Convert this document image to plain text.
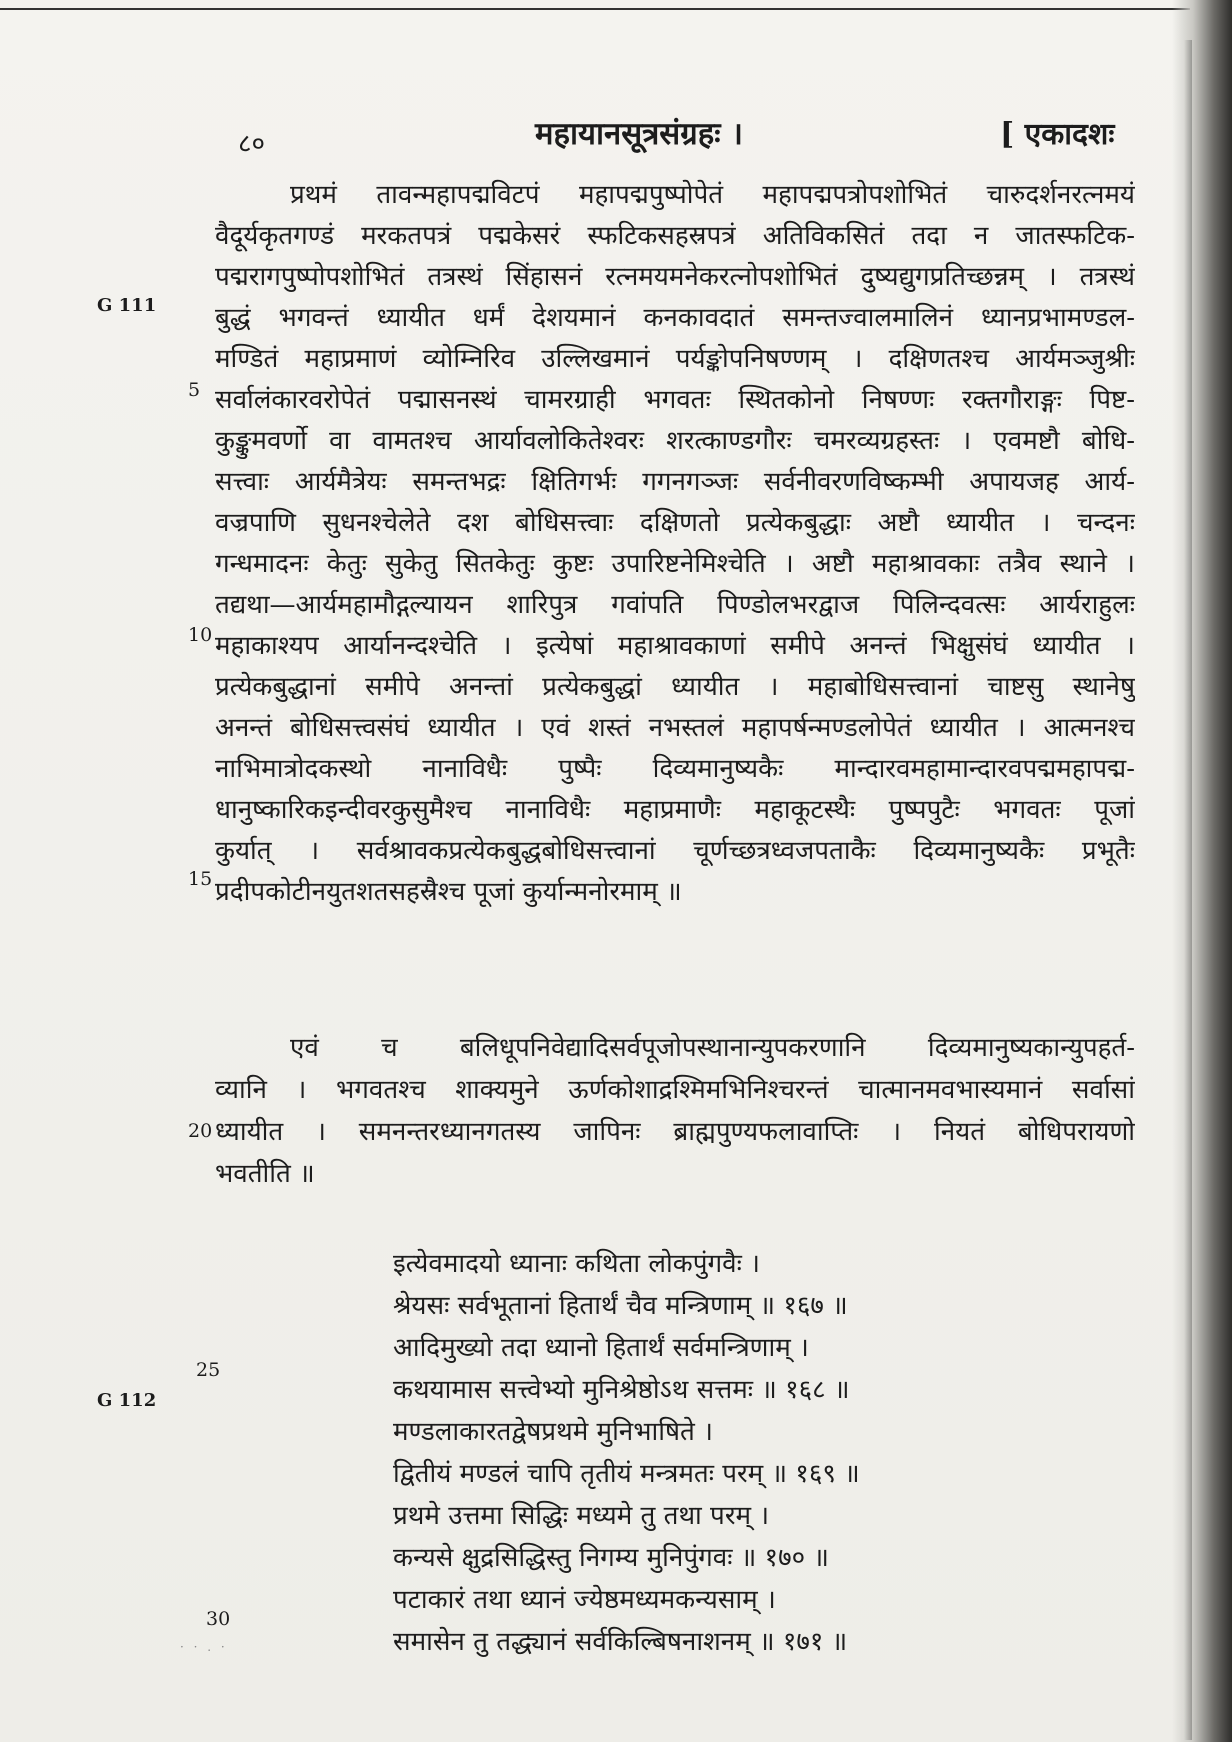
८०	महायानसूत्रसंग्रहः ।	[ एकादशः
G 111
G 112
5
10
15
20
25
30
प्रथमं तावन्महापद्मविटपं महापद्मपुष्पोपेतं महापद्मपत्रोपशोभितं चारुदर्शनरत्नमयं
वैदूर्यकृतगण्डं मरकतपत्रं पद्मकेसरं स्फटिकसहस्रपत्रं अतिविकसितं तदा न जातस्फटिक-
पद्मरागपुष्पोपशोभितं तत्रस्थं सिंहासनं रत्नमयमनेकरत्नोपशोभितं दुष्यद्युगप्रतिच्छन्नम् । तत्रस्थं
बुद्धं भगवन्तं ध्यायीत धर्मं देशयमानं कनकावदातं समन्तज्वालमालिनं ध्यानप्रभामण्डल-
मण्डितं महाप्रमाणं व्योम्निरिव उल्लिखमानं पर्यङ्कोपनिषण्णम् । दक्षिणतश्च आर्यमञ्जुश्रीः
सर्वालंकारवरोपेतं पद्मासनस्थं चामरग्राही भगवतः स्थितकोनो निषण्णः रक्तगौराङ्गः पिष्ट-
कुङ्कुमवर्णो वा वामतश्च आर्यावलोकितेश्वरः शरत्काण्डगौरः चमरव्यग्रहस्तः । एवमष्टौ बोधि-
सत्त्वाः आर्यमैत्रेयः समन्तभद्रः क्षितिगर्भः गगनगञ्जः सर्वनीवरणविष्कम्भी अपायजह आर्य-
वज्रपाणि सुधनश्चेलेते दश बोधिसत्त्वाः दक्षिणतो प्रत्येकबुद्धाः अष्टौ ध्यायीत । चन्दनः
गन्धमादनः केतुः सुकेतु सितकेतुः कुष्टः उपारिष्टनेमिश्चेति । अष्टौ महाश्रावकाः तत्रैव स्थाने ।
तद्यथा—आर्यमहामौद्गल्यायन शारिपुत्र गवांपति पिण्डोलभरद्वाज पिलिन्दवत्सः आर्यराहुलः
महाकाश्यप आर्यानन्दश्चेति । इत्येषां महाश्रावकाणां समीपे अनन्तं भिक्षुसंघं ध्यायीत ।
प्रत्येकबुद्धानां समीपे अनन्तां प्रत्येकबुद्धां ध्यायीत । महाबोधिसत्त्वानां चाष्टसु स्थानेषु
अनन्तं बोधिसत्त्वसंघं ध्यायीत । एवं शस्तं नभस्तलं महापर्षन्मण्डलोपेतं ध्यायीत । आत्मनश्च
नाभिमात्रोदकस्थो नानाविधैः पुष्पैः दिव्यमानुष्यकैः मान्दारवमहामान्दारवपद्ममहापद्म-
धानुष्कारिकइन्दीवरकुसुमैश्च नानाविधैः महाप्रमाणैः महाकूटस्थैः पुष्पपुटैः भगवतः पूजां
कुर्यात् । सर्वश्रावकप्रत्येकबुद्धबोधिसत्त्वानां चूर्णच्छत्रध्वजपताकैः दिव्यमानुष्यकैः प्रभूतैः
प्रदीपकोटीनयुतशतसहस्रैश्च पूजां कुर्यान्मनोरमाम् ॥
एवं च बलिधूपनिवेद्यादिसर्वपूजोपस्थानान्युपकरणानि दिव्यमानुष्यकान्युपहर्त-
व्यानि । भगवतश्च शाक्यमुने ऊर्णकोशाद्रश्मिमभिनिश्चरन्तं चात्मानमवभास्यमानं सर्वासां
ध्यायीत । समनन्तरध्यानगतस्य जापिनः ब्राह्मपुण्यफलावाप्तिः । नियतं बोधिपरायणो
भवतीति ॥
इत्येवमादयो ध्यानाः कथिता लोकपुंगवैः ।
श्रेयसः सर्वभूतानां हितार्थं चैव मन्त्रिणाम् ॥ १६७ ॥
आदिमुख्यो तदा ध्यानो हितार्थं सर्वमन्त्रिणाम् ।
कथयामास सत्त्वेभ्यो मुनिश्रेष्ठोऽथ सत्तमः ॥ १६८ ॥
मण्डलाकारतद्वेषप्रथमे मुनिभाषिते ।
द्वितीयं मण्डलं चापि तृतीयं मन्त्रमतः परम् ॥ १६९ ॥
प्रथमे उत्तमा सिद्धिः मध्यमे तु तथा परम् ।
कन्यसे क्षुद्रसिद्धिस्तु निगम्य मुनिपुंगवः ॥ १७० ॥
पटाकारं तथा ध्यानं ज्येष्ठमध्यमकन्यसाम् ।
समासेन तु तद्ध्यानं सर्वकिल्बिषनाशनम् ॥ १७१ ॥
· · . ·
